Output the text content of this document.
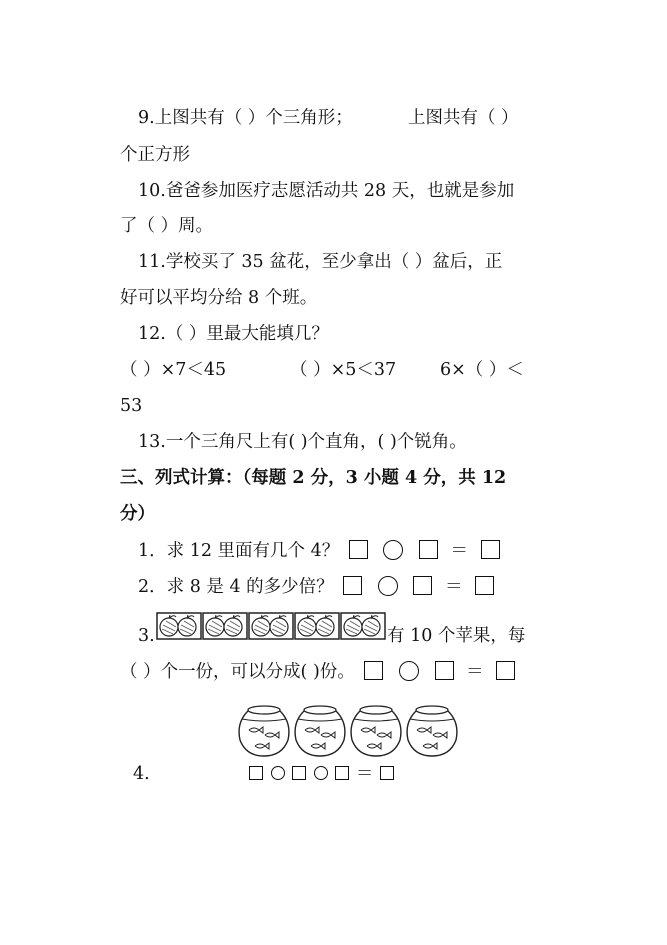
9.上图共有（ ）个三角形；	上图共有（ ）
个正方形
10.爸爸参加医疗志愿活动共 28 天，也就是参加
了（ ）周。
11.学校买了 35 盆花，至少拿出（ ）盆后，正
好可以平均分给 8 个班。
12.（ ）里最大能填几？
（ ）×7＜45	（ ）×5＜37	6×（ ）＜
53
13.一个三角尺上有( )个直角，( )个锐角。
三、列式计算：（每题 2 分，3 小题 4 分，共 12
分）
1．求 12 里面有几个 4？	＝
2．求 8 是 4 的多少倍？	＝
3.	有 10 个苹果，每
（ ）个一份，可以分成( )份。	＝
4.	＝
